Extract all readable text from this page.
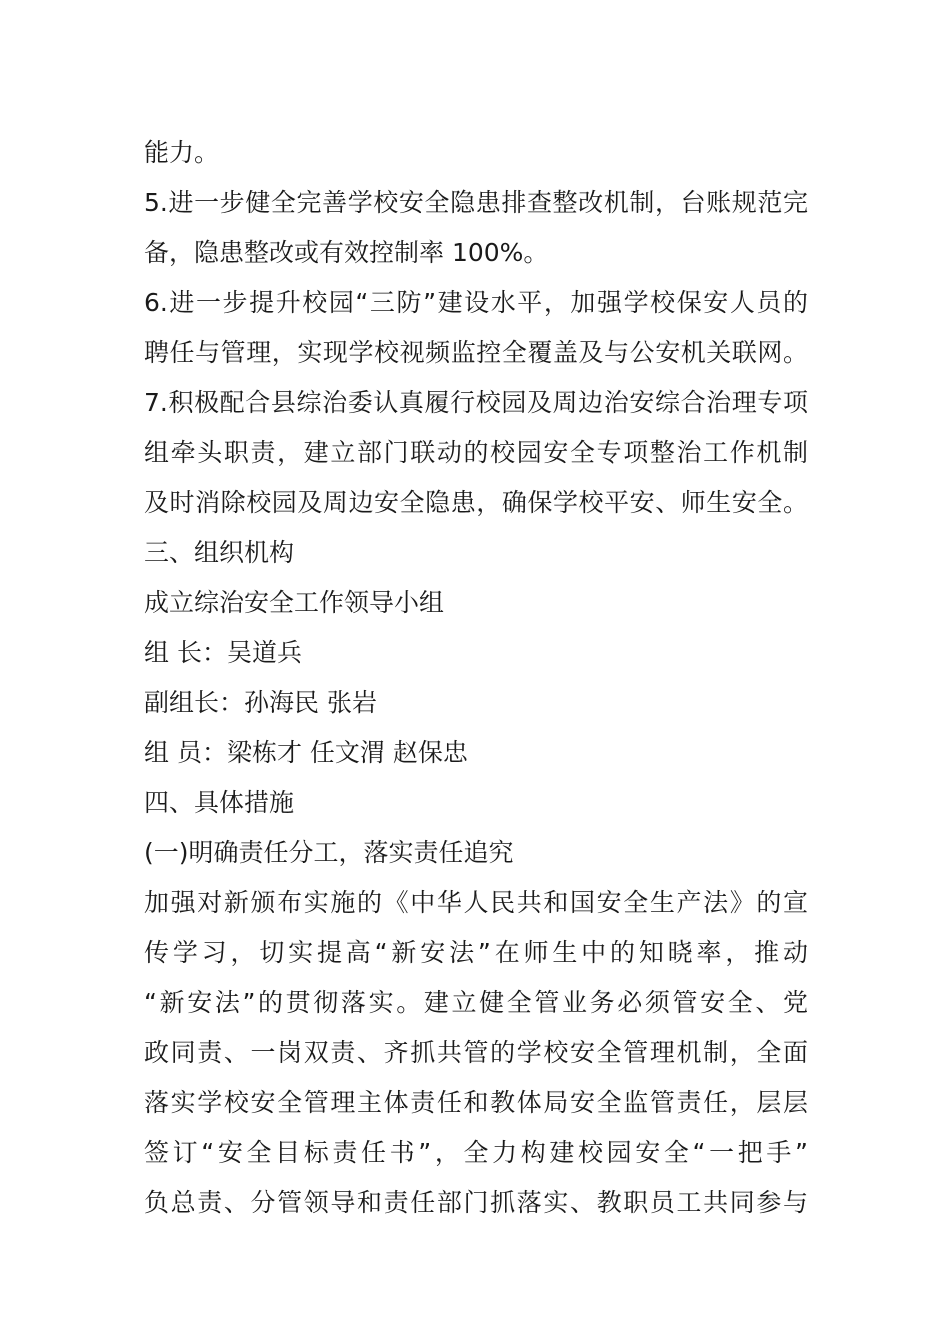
能力。
5.进一步健全完善学校安全隐患排查整改机制，台账规范完
备，隐患整改或有效控制率 100%。
6.进一步提升校园“三防”建设水平，加强学校保安人员的
聘任与管理，实现学校视频监控全覆盖及与公安机关联网。
7.积极配合县综治委认真履行校园及周边治安综合治理专项
组牵头职责，建立部门联动的校园安全专项整治工作机制
及时消除校园及周边安全隐患，确保学校平安、师生安全。
三、组织机构
成立综治安全工作领导小组
组 长：吴道兵
副组长：孙海民 张岩
组 员：梁栋才 任文渭 赵保忠
四、具体措施
(一)明确责任分工，落实责任追究
加强对新颁布实施的《中华人民共和国安全生产法》的宣
传学习，切实提高“新安法”在师生中的知晓率，推动
“新安法”的贯彻落实。建立健全管业务必须管安全、党
政同责、一岗双责、齐抓共管的学校安全管理机制，全面
落实学校安全管理主体责任和教体局安全监管责任，层层
签订“安全目标责任书”，全力构建校园安全“一把手”
负总责、分管领导和责任部门抓落实、教职员工共同参与
